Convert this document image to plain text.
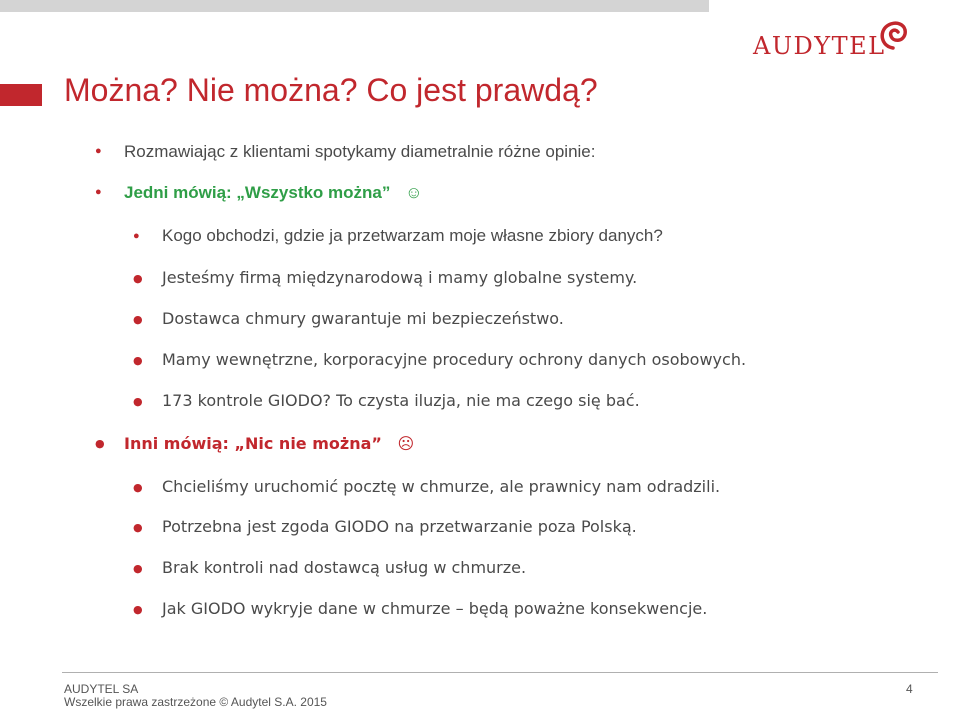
AUDYTEL
Można? Nie można? Co jest prawdą?
● Rozmawiając z klientami spotykamy diametralnie różne opinie:
● Jedni mówią: „Wszystko można” ☺
● Kogo obchodzi, gdzie ja przetwarzam moje własne zbiory danych?
● Jesteśmy firmą międzynarodową i mamy globalne systemy.
● Dostawca chmury gwarantuje mi bezpieczeństwo.
● Mamy wewnętrzne, korporacyjne procedury ochrony danych osobowych.
● 173 kontrole GIODO? To czysta iluzja, nie ma czego się bać.
● Inni mówią: „Nic nie można” ☹
● Chcieliśmy uruchomić pocztę w chmurze, ale prawnicy nam odradzili.
● Potrzebna jest zgoda GIODO na przetwarzanie poza Polską.
● Brak kontroli nad dostawcą usług w chmurze.
● Jak GIODO wykryje dane w chmurze – będą poważne konsekwencje.
AUDYTEL SA
Wszelkie prawa zastrzeżone © Audytel S.A. 2015
4
